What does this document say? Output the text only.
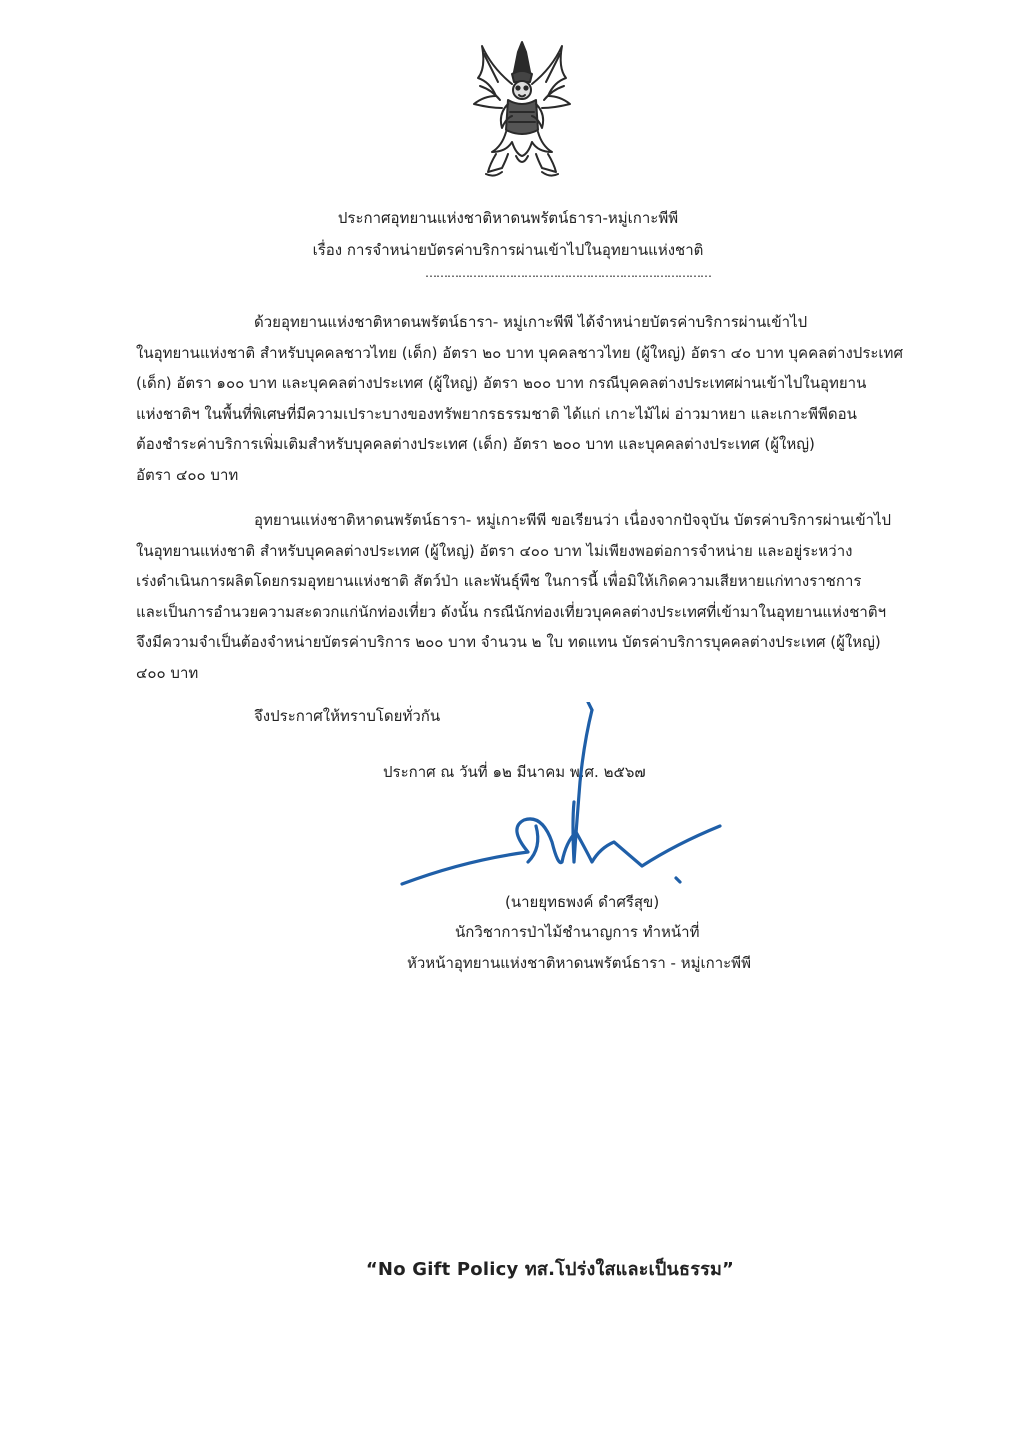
ประกาศอุทยานแห่งชาติหาดนพรัตน์ธารา-หมู่เกาะพีพี
เรื่อง การจำหน่ายบัตรค่าบริการผ่านเข้าไปในอุทยานแห่งชาติ
……………………………………………………………………
ด้วยอุทยานแห่งชาติหาดนพรัตน์ธารา- หมู่เกาะพีพี ได้จำหน่ายบัตรค่าบริการผ่านเข้าไป
ในอุทยานแห่งชาติ สำหรับบุคคลชาวไทย (เด็ก) อัตรา ๒๐ บาท บุคคลชาวไทย (ผู้ใหญ่) อัตรา ๔๐ บาท บุคคลต่างประเทศ
(เด็ก) อัตรา ๑๐๐ บาท และบุคคลต่างประเทศ (ผู้ใหญ่) อัตรา ๒๐๐ บาท กรณีบุคคลต่างประเทศผ่านเข้าไปในอุทยาน
แห่งชาติฯ ในพื้นที่พิเศษที่มีความเปราะบางของทรัพยากรธรรมชาติ ได้แก่ เกาะไม้ไผ่ อ่าวมาหยา และเกาะพีพีดอน
ต้องชำระค่าบริการเพิ่มเติมสำหรับบุคคลต่างประเทศ (เด็ก) อัตรา ๒๐๐ บาท และบุคคลต่างประเทศ (ผู้ใหญ่)
อัตรา ๔๐๐ บาท
อุทยานแห่งชาติหาดนพรัตน์ธารา- หมู่เกาะพีพี ขอเรียนว่า เนื่องจากปัจจุบัน บัตรค่าบริการผ่านเข้าไป
ในอุทยานแห่งชาติ สำหรับบุคคลต่างประเทศ (ผู้ใหญ่) อัตรา ๔๐๐ บาท ไม่เพียงพอต่อการจำหน่าย และอยู่ระหว่าง
เร่งดำเนินการผลิตโดยกรมอุทยานแห่งชาติ สัตว์ป่า และพันธุ์พืช ในการนี้ เพื่อมิให้เกิดความเสียหายแก่ทางราชการ
และเป็นการอำนวยความสะดวกแก่นักท่องเที่ยว ดังนั้น กรณีนักท่องเที่ยวบุคคลต่างประเทศที่เข้ามาในอุทยานแห่งชาติฯ
จึงมีความจำเป็นต้องจำหน่ายบัตรค่าบริการ ๒๐๐ บาท จำนวน ๒ ใบ ทดแทน บัตรค่าบริการบุคคลต่างประเทศ (ผู้ใหญ่)
๔๐๐ บาท
จึงประกาศให้ทราบโดยทั่วกัน
ประกาศ ณ วันที่ ๑๒ มีนาคม พ.ศ. ๒๕๖๗
(นายยุทธพงค์ ดำศรีสุข)
นักวิชาการป่าไม้ชำนาญการ ทำหน้าที่
หัวหน้าอุทยานแห่งชาติหาดนพรัตน์ธารา - หมู่เกาะพีพี
“No Gift Policy ทส.โปร่งใสและเป็นธรรม”
